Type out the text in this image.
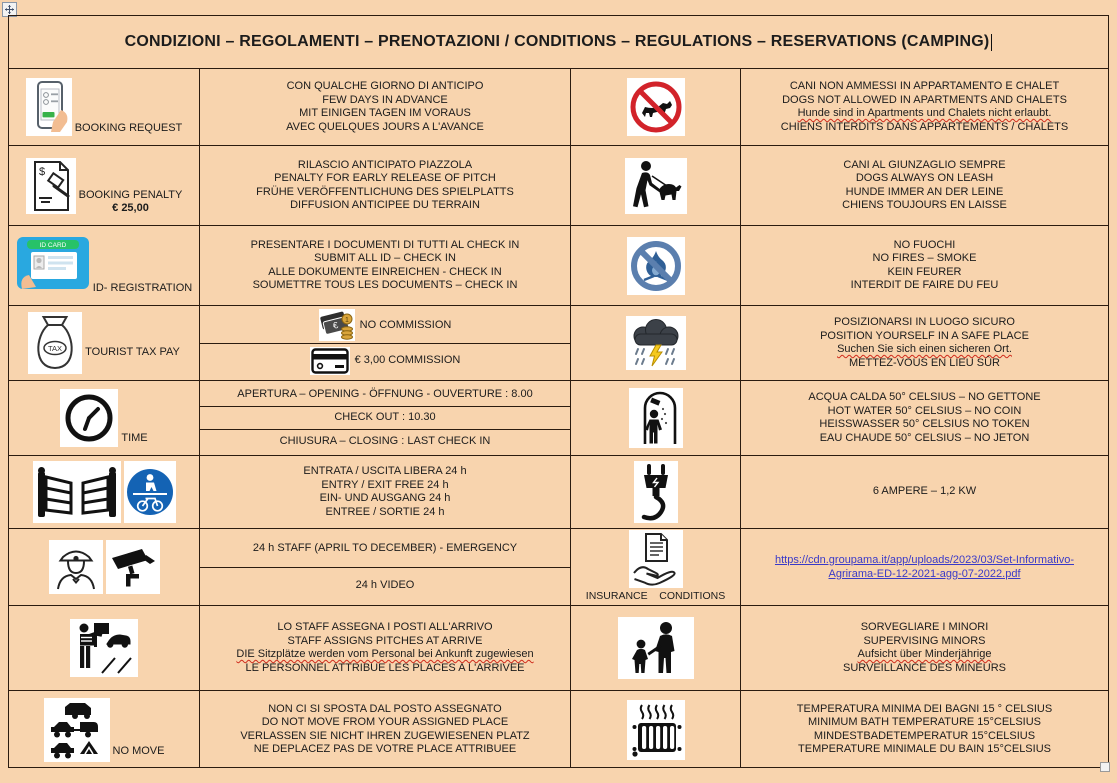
CONDIZIONI – REGOLAMENTI – PRENOTAZIONI / CONDITIONS – REGULATIONS – RESERVATIONS (CAMPING)
BOOKING REQUEST
CON QUALCHE GIORNO DI ANTICIPO
FEW DAYS IN ADVANCE
MIT EINIGEN TAGEN IM VORAUS
AVEC QUELQUES JOURS A L'AVANCE
CANI NON AMMESSI IN APPARTAMENTO E CHALET
DOGS NOT ALLOWED IN APARTMENTS AND CHALETS
Hunde sind in Apartments und Chalets nicht erlaubt.
CHIENS INTERDITS DANS APPARTEMENTS / CHALETS
$
BOOKING PENALTY
€ 25,00
RILASCIO ANTICIPATO PIAZZOLA
PENALTY FOR EARLY RELEASE OF PITCH
FRÜHE VERÖFFENTLICHUNG DES SPIELPLATTS
DIFFUSION ANTICIPEE DU TERRAIN
CANI AL GIUNZAGLIO SEMPRE
DOGS ALWAYS ON LEASH
HUNDE IMMER AN DER LEINE
CHIENS TOUJOURS EN LAISSE
ID CARD
ID- REGISTRATION
PRESENTARE I DOCUMENTI DI TUTTI AL CHECK IN
SUBMIT ALL ID – CHECK IN
ALLE DOKUMENTE EINREICHEN - CHECK IN
SOUMETTRE TOUS LES DOCUMENTS – CHECK IN
NO FUOCHI
NO FIRES – SMOKE
KEIN FEURER
INTERDIT DE FAIRE DU FEU
TAX TOURIST TAX PAY
€ 1 NO COMMISSION
€ 3,00 COMMISSION
POSIZIONARSI IN LUOGO SICURO
POSITION YOURSELF IN A SAFE PLACE
Suchen Sie sich einen sicheren Ort.
METTEZ-VOUS EN LIEU SÛR
TIME
APERTURA – OPENING - ÖFFNUNG - OUVERTURE : 8.00
CHECK OUT : 10.30
CHIUSURA – CLOSING : LAST CHECK IN
ACQUA CALDA 50° CELSIUS – NO GETTONE
HOT WATER 50° CELSIUS – NO COIN
HEISSWASSER 50° CELSIUS NO TOKEN
EAU CHAUDE 50° CELSIUS – NO JETON
ENTRATA / USCITA LIBERA 24 h
ENTRY / EXIT FREE 24 h
EIN- UND AUSGANG 24 h
ENTREE / SORTIE 24 h
6 AMPERE – 1,2 KW
24 h STAFF (APRIL TO DECEMBER) - EMERGENCY
24 h VIDEO
INSURANCE    CONDITIONS
https://cdn.groupama.it/app/uploads/2023/03/Set-Informativo-
Agrirama-ED-12-2021-agg-07-2022.pdf
LO STAFF ASSEGNA I POSTI ALL'ARRIVO
STAFF ASSIGNS PITCHES AT ARRIVE
DIE Sitzplätze werden vom Personal bei Ankunft zugewiesen
LE PERSONNEL ATTRIBUE LES PLACES A L'ARRIVEE
SORVEGLIARE I MINORI
SUPERVISING MINORS
Aufsicht über Minderjährige
SURVEILLANCE DES MINEURS
NO MOVE
NON CI SI SPOSTA DAL POSTO ASSEGNATO
DO NOT MOVE FROM YOUR ASSIGNED PLACE
VERLASSEN SIE NICHT IHREN ZUGEWIESENEN PLATZ
NE DEPLACEZ PAS DE VOTRE PLACE ATTRIBUEE
TEMPERATURA MINIMA DEI BAGNI 15 ° CELSIUS
MINIMUM BATH TEMPERATURE 15°CELSIUS
MINDESTBADETEMPERATUR 15°CELSIUS
TEMPERATURE MINIMALE DU BAIN 15°CELSIUS
